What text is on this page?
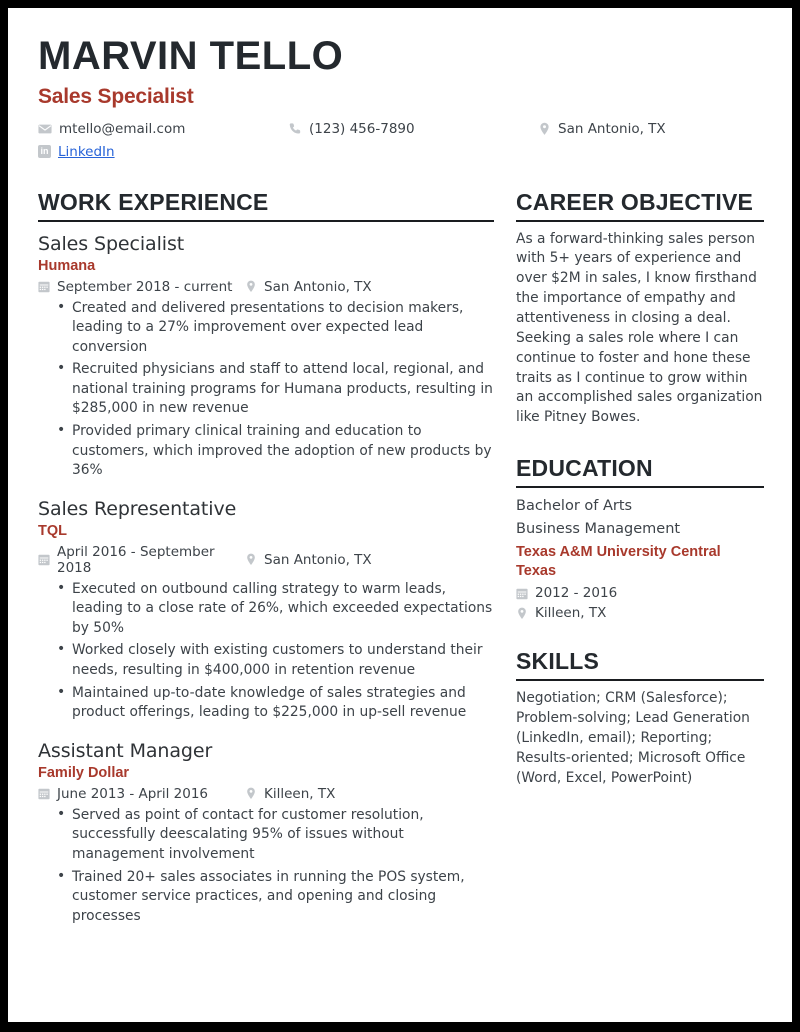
MARVIN TELLO
Sales Specialist
mtello@email.com	(123) 456-7890	San Antonio, TX
in LinkedIn
WORK EXPERIENCE
Sales Specialist
Humana
September 2018 - current San Antonio, TX
• Created and delivered presentations to decision makers, leading to a 27% improvement over expected lead conversion
• Recruited physicians and staff to attend local, regional, and national training programs for Humana products, resulting in $285,000 in new revenue
• Provided primary clinical training and education to customers, which improved the adoption of new products by 36%
Sales Representative
TQL
April 2016 - September 2018	San Antonio, TX
• Executed on outbound calling strategy to warm leads, leading to a close rate of 26%, which exceeded expectations by 50%
• Worked closely with existing customers to understand their needs, resulting in $400,000 in retention revenue
• Maintained up-to-date knowledge of sales strategies and product offerings, leading to $225,000 in up-sell revenue
Assistant Manager
Family Dollar
June 2013 - April 2016	Killeen, TX
• Served as point of contact for customer resolution, successfully deescalating 95% of issues without management involvement
• Trained 20+ sales associates in running the POS system, customer service practices, and opening and closing processes
CAREER OBJECTIVE
As a forward-thinking sales person with 5+ years of experience and over $2M in sales, I know firsthand the importance of empathy and attentiveness in closing a deal. Seeking a sales role where I can continue to foster and hone these traits as I continue to grow within an accomplished sales organization like Pitney Bowes.
EDUCATION
Bachelor of Arts
Business Management
Texas A&M University Central Texas
2012 - 2016
Killeen, TX
SKILLS
Negotiation; CRM (Salesforce); Problem-solving; Lead Generation (LinkedIn, email); Reporting; Results-oriented; Microsoft Office (Word, Excel, PowerPoint)
